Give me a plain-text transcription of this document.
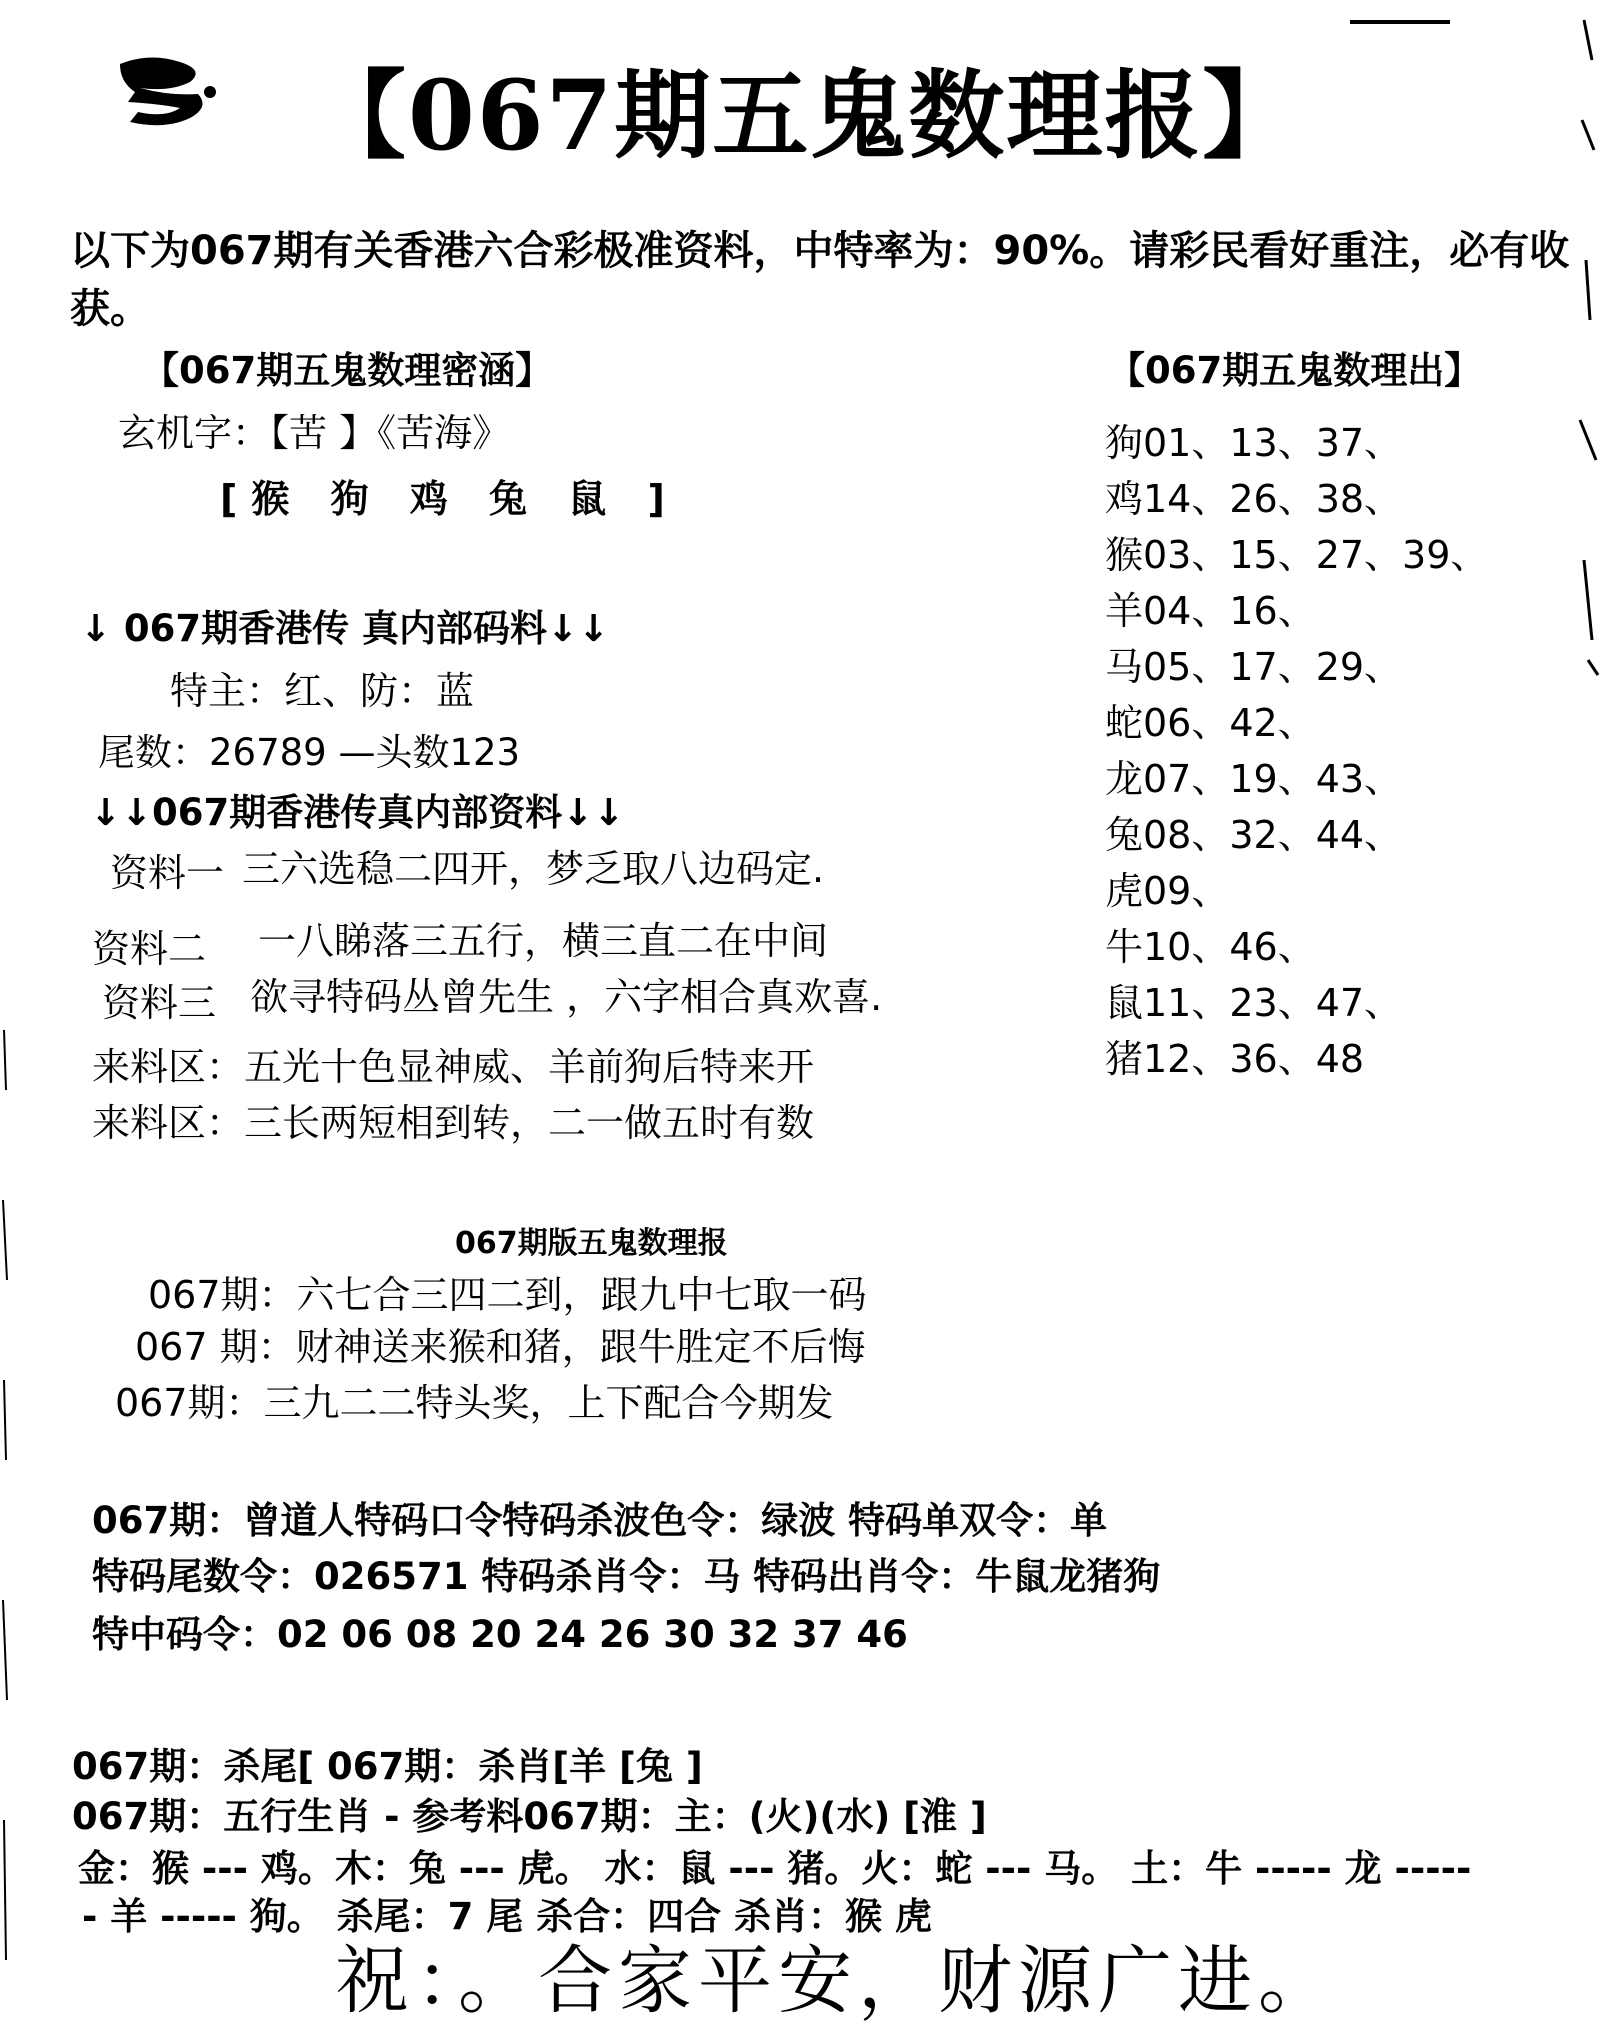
【067期五鬼数理报】
以下为067期有关香港六合彩极准资料，中特率为：90%。请彩民看好重注，必有收获。
【067期五鬼数理密涵】
玄机字：【苦 】《苦海》
[猴 狗 鸡 兔 鼠 ]
↓ 067期香港传 真内部码料↓↓
特主：红、防：蓝
尾数：26789 —头数123
↓↓067期香港传真内部资料↓↓
资料一 三六选稳二四开，梦乏取八边码定.
资料二 一八睇落三五行，横三直二在中间
资料三 欲寻特码丛曾先生 ，六字相合真欢喜.
来料区：五光十色显神威、羊前狗后特来开
来料区：三长两短相到转，二一做五时有数
【067期五鬼数理出】
狗01、13、37、
鸡14、26、38、
猴03、15、27、39、
羊04、16、
马05、17、29、
蛇06、42、
龙07、19、43、
兔08、32、44、
虎09、
牛10、46、
鼠11、23、47、
猪12、36、48
067期版五鬼数理报
067期：六七合三四二到，跟九中七取一码
067 期：财神送来猴和猪，跟牛胜定不后悔
067期：三九二二特头奖，上下配合今期发
067期：曾道人特码口令特码杀波色令：绿波 特码单双令：单
特码尾数令：026571 特码杀肖令：马 特码出肖令：牛鼠龙猪狗
特中码令：02 06 08 20 24 26 30 32 37 46
067期：杀尾[ 067期：杀肖[羊 [兔 ]
067期：五行生肖 - 参考料067期：主：(火)(水) [淮 ]
金：猴 --- 鸡。木：兔 --- 虎。 水：鼠 --- 猪。火：蛇 --- 马。 土：牛 ----- 龙 -----
- 羊 ----- 狗。 杀尾：7 尾 杀合：四合 杀肖：猴 虎
祝：。合家平安，财源广进。
